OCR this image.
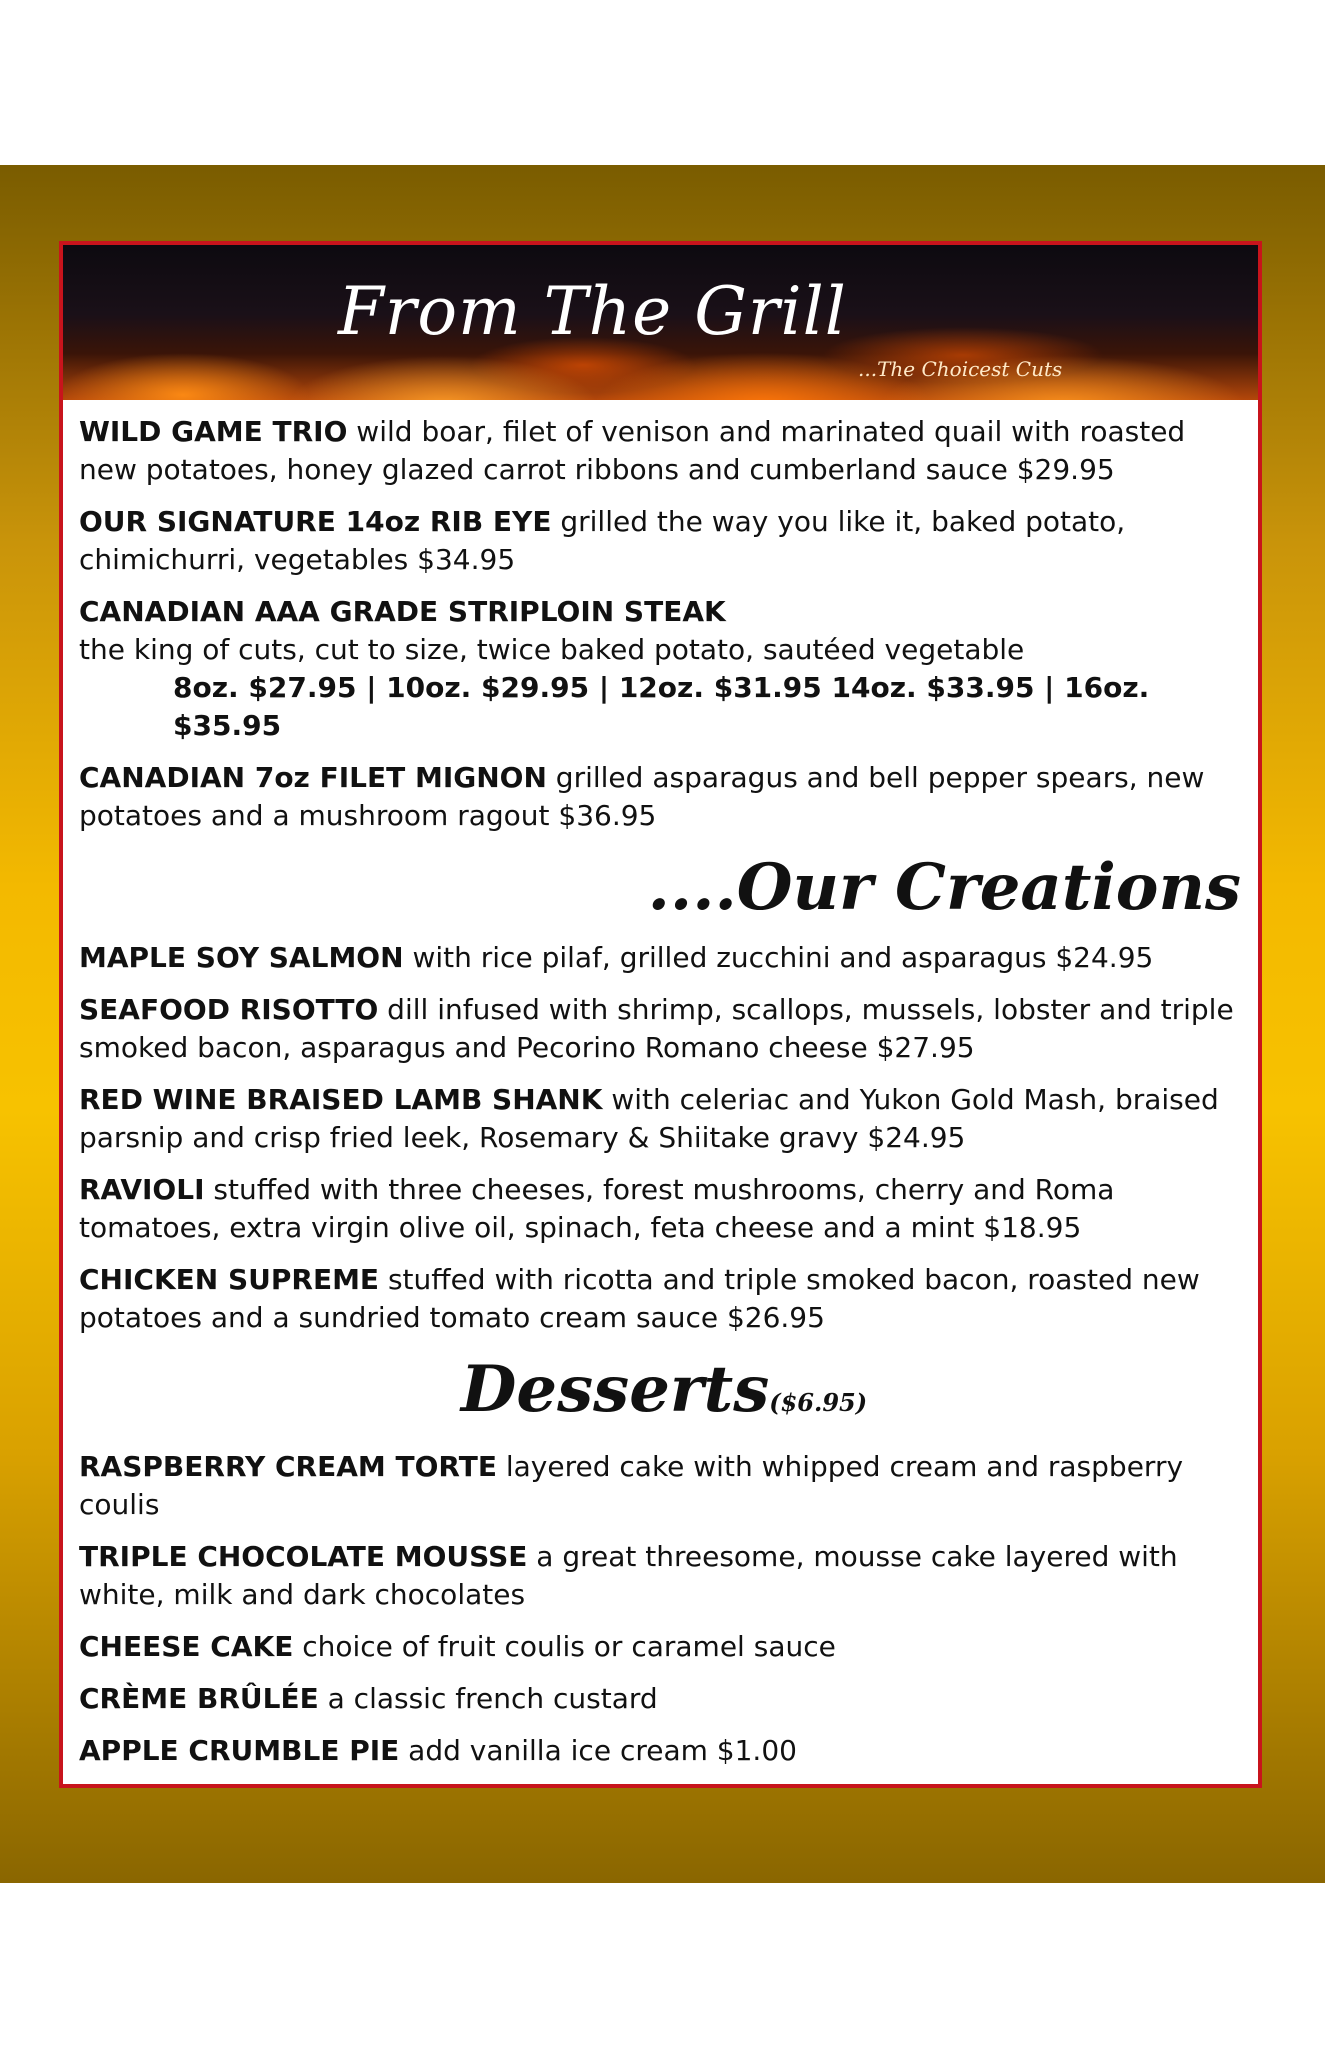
From The Grill
...The Choicest Cuts

WILD GAME TRIO wild boar, filet of venison and marinated quail with roasted new potatoes, honey glazed carrot ribbons and cumberland sauce $29.95

OUR SIGNATURE 14oz RIB EYE grilled the way you like it, baked potato, chimichurri, vegetables $34.95

CANADIAN AAA GRADE STRIPLOIN STEAK
the king of cuts, cut to size, twice baked potato, sautéed vegetable
8oz. $27.95 | 10oz. $29.95 | 12oz. $31.95 14oz. $33.95 | 16oz. $35.95

CANADIAN 7oz FILET MIGNON grilled asparagus and bell pepper spears, new potatoes and a mushroom ragout $36.95

....Our Creations

MAPLE SOY SALMON with rice pilaf, grilled zucchini and asparagus $24.95

SEAFOOD RISOTTO dill infused with shrimp, scallops, mussels, lobster and triple smoked bacon, asparagus and Pecorino Romano cheese $27.95

RED WINE BRAISED LAMB SHANK with celeriac and Yukon Gold Mash, braised parsnip and crisp fried leek, Rosemary & Shiitake gravy $24.95

RAVIOLI stuffed with three cheeses, forest mushrooms, cherry and Roma tomatoes, extra virgin olive oil, spinach, feta cheese and a mint $18.95

CHICKEN SUPREME stuffed with ricotta and triple smoked bacon, roasted new potatoes and a sundried tomato cream sauce $26.95

Desserts($6.95)

RASPBERRY CREAM TORTE layered cake with whipped cream and raspberry coulis

TRIPLE CHOCOLATE MOUSSE a great threesome, mousse cake layered with white, milk and dark chocolates

CHEESE CAKE choice of fruit coulis or caramel sauce

CRÈME BRÛLÉE a classic french custard

APPLE CRUMBLE PIE add vanilla ice cream $1.00
